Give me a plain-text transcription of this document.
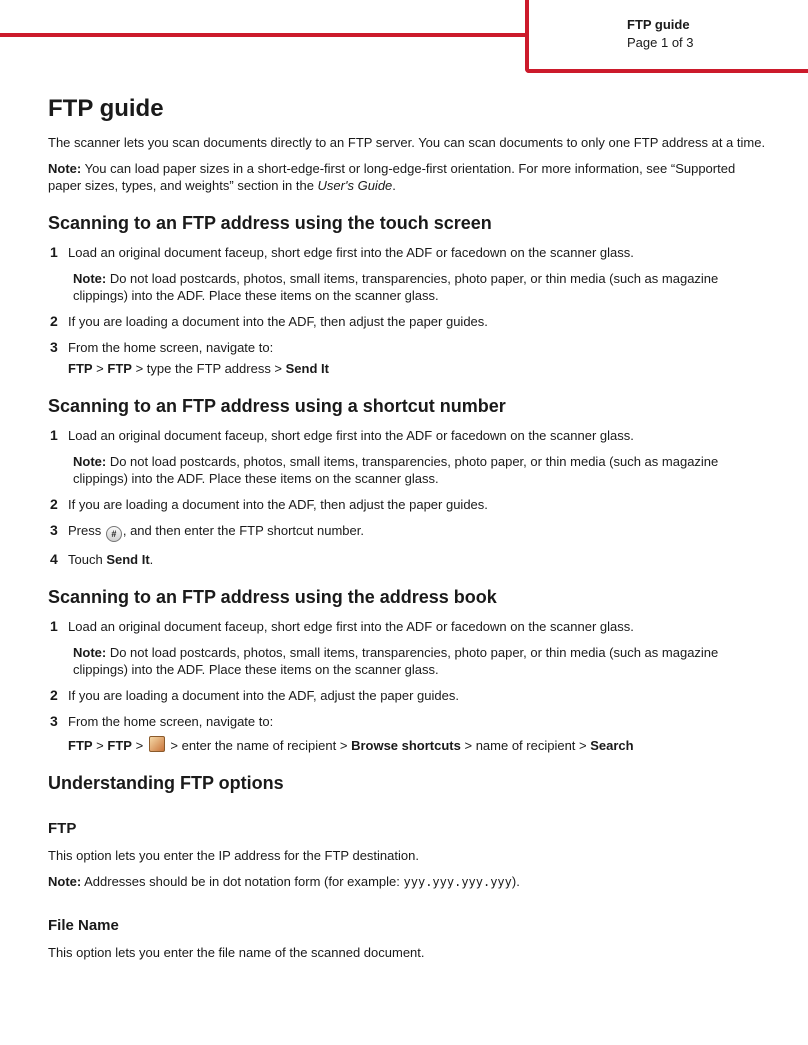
FTP guide
Page 1 of 3
FTP guide

The scanner lets you scan documents directly to an FTP server. You can scan documents to only one FTP address at a time.

Note: You can load paper sizes in a short-edge-first or long-edge-first orientation. For more information, see “Supported paper sizes, types, and weights” section in the User's Guide.

Scanning to an FTP address using the touch screen
1 Load an original document faceup, short edge first into the ADF or facedown on the scanner glass.
Note: Do not load postcards, photos, small items, transparencies, photo paper, or thin media (such as magazine clippings) into the ADF. Place these items on the scanner glass.
2 If you are loading a document into the ADF, then adjust the paper guides.
3 From the home screen, navigate to:
FTP > FTP > type the FTP address > Send It
Scanning to an FTP address using a shortcut number
1 Load an original document faceup, short edge first into the ADF or facedown on the scanner glass.
Note: Do not load postcards, photos, small items, transparencies, photo paper, or thin media (such as magazine clippings) into the ADF. Place these items on the scanner glass.
2 If you are loading a document into the ADF, then adjust the paper guides.
3 Press # , and then enter the FTP shortcut number.
4 Touch Send It.
Scanning to an FTP address using the address book
1 Load an original document faceup, short edge first into the ADF or facedown on the scanner glass.
Note: Do not load postcards, photos, small items, transparencies, photo paper, or thin media (such as magazine clippings) into the ADF. Place these items on the scanner glass.
2 If you are loading a document into the ADF, adjust the paper guides.
3 From the home screen, navigate to:
FTP > FTP >  > enter the name of recipient > Browse shortcuts > name of recipient > Search
Understanding FTP options
FTP

This option lets you enter the IP address for the FTP destination.

Note: Addresses should be in dot notation form (for example: yyy.yyy.yyy.yyy).

File Name

This option lets you enter the file name of the scanned document.
